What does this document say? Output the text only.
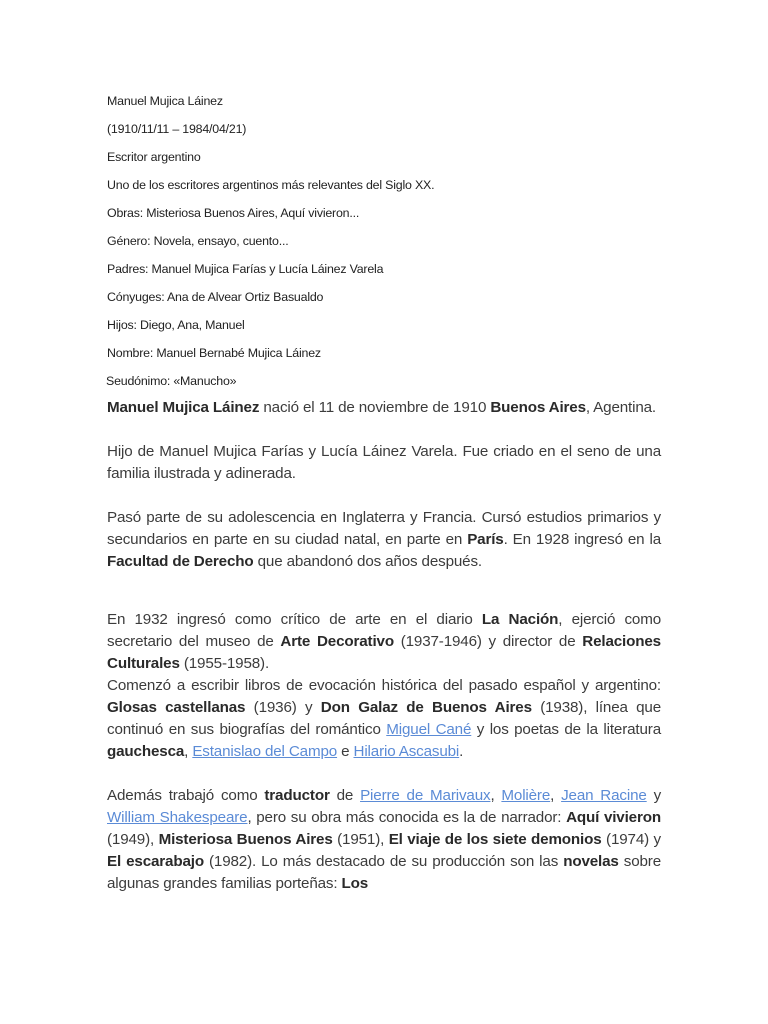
Manuel Mujica Láinez
(1910/11/11 – 1984/04/21)
Escritor argentino
Uno de los escritores argentinos más relevantes del Siglo XX.
Obras: Misteriosa Buenos Aires, Aquí vivieron...
Género: Novela, ensayo, cuento...
Padres: Manuel Mujica Farías y Lucía Láinez Varela
Cónyuges: Ana de Alvear Ortiz Basualdo
Hijos: Diego, Ana, Manuel
Nombre: Manuel Bernabé Mujica Láinez
Seudónimo: «Manucho»

Manuel Mujica Láinez nació el 11 de noviembre de 1910 Buenos Aires, Agentina.

Hijo de Manuel Mujica Farías y Lucía Láinez Varela. Fue criado en el seno de una familia ilustrada y adinerada.

Pasó parte de su adolescencia en Inglaterra y Francia. Cursó estudios primarios y secundarios en parte en su ciudad natal, en parte en París. En 1928 ingresó en la Facultad de Derecho que abandonó dos años después.

En 1932 ingresó como crítico de arte en el diario La Nación, ejerció como secretario del museo de Arte Decorativo (1937-1946) y director de Relaciones Culturales (1955-1958).

Comenzó a escribir libros de evocación histórica del pasado español y argentino: Glosas castellanas (1936) y Don Galaz de Buenos Aires (1938), línea que continuó en sus biografías del romántico Miguel Cané y los poetas de la literatura gauchesca, Estanislao del Campo e Hilario Ascasubi.

Además trabajó como traductor de Pierre de Marivaux, Molière, Jean Racine y William Shakespeare, pero su obra más conocida es la de narrador: Aquí vivieron (1949), Misteriosa Buenos Aires (1951), El viaje de los siete demonios (1974) y El escarabajo (1982). Lo más destacado de su producción son las novelas sobre algunas grandes familias porteñas: Los
